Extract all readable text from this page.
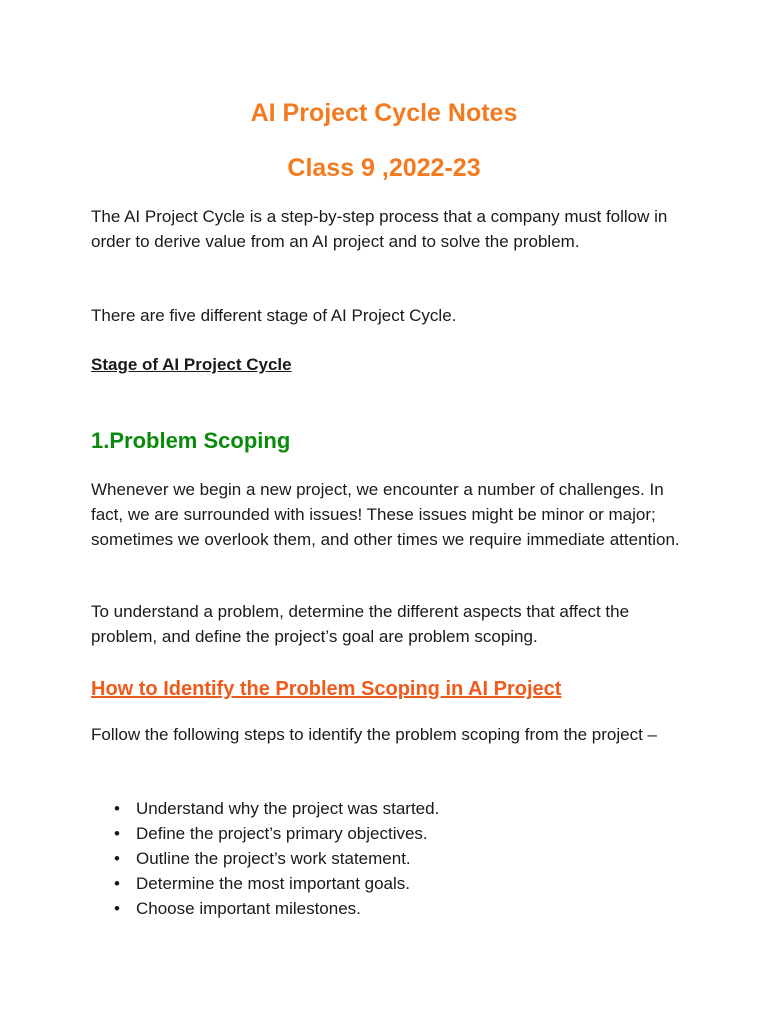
AI Project Cycle Notes
Class 9 ,2022-23

The AI Project Cycle is a step-by-step process that a company must follow in order to derive value from an AI project and to solve the problem.

There are five different stage of AI Project Cycle.

Stage of AI Project Cycle
1.Problem Scoping

Whenever we begin a new project, we encounter a number of challenges. In fact, we are surrounded with issues! These issues might be minor or major; sometimes we overlook them, and other times we require immediate attention.

To understand a problem, determine the different aspects that affect the problem, and define the project’s goal are problem scoping.

How to Identify the Problem Scoping in AI Project

Follow the following steps to identify the problem scoping from the project –

• Understand why the project was started.
• Define the project’s primary objectives.
• Outline the project’s work statement.
• Determine the most important goals.
• Choose important milestones.
